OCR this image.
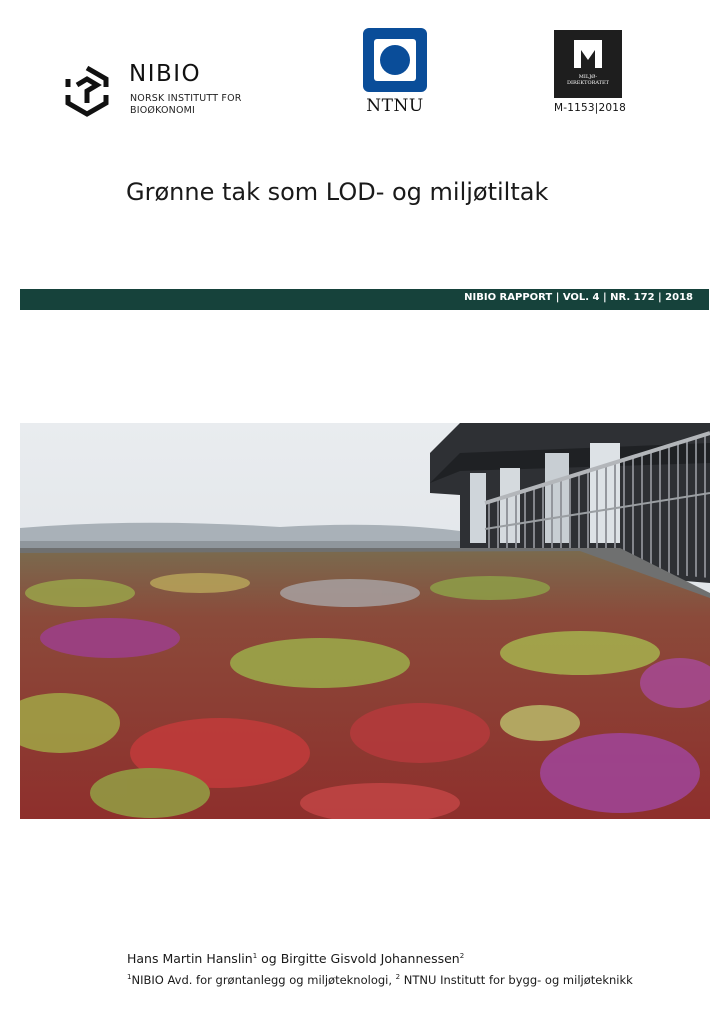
NIBIO
NORSK INSTITUTT FOR
BIOØKONOMI	NTNU
MILJØ-
DIREKTORATET
M-1153|2018
Grønne tak som LOD- og miljøtiltak
NIBIO RAPPORT | VOL. 4 | NR. 172 | 2018
Hans Martin Hanslin$^1$ og Birgitte Gisvold Johannessen$^2$
$^1$NIBIO Avd. for grøntanlegg og miljøteknologi, $^2$ NTNU Institutt for bygg- og miljøteknikk
